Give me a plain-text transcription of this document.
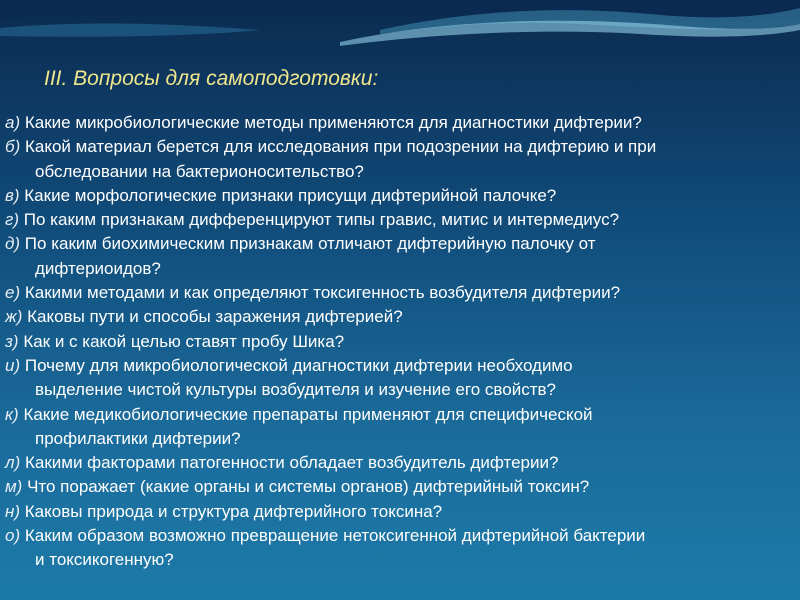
III. Вопросы для самоподготовки:
а) Какие микробиологические методы применяются для диагностики дифтерии?
б) Какой материал берется для исследования при подозрении на дифтерию и при
обследовании на бактерионосительство?
в) Какие морфологические признаки присущи дифтерийной палочке?
г) По каким признакам дифференцируют типы гравис, митис и интермедиус?
д) По каким биохимическим признакам отличают дифтерийную палочку от
дифтериоидов?
е) Какими методами и как определяют токсигенность возбудителя дифтерии?
ж) Каковы пути и способы заражения дифтерией?
з) Как и с какой целью ставят пробу Шика?
и) Почему для микробиологической диагностики дифтерии необходимо
выделение чистой культуры возбудителя и изучение его свойств?
к) Какие медикобиологические препараты применяют для специфической
профилактики дифтерии?
л) Какими факторами патогенности обладает возбудитель дифтерии?
м) Что поражает (какие органы и системы органов) дифтерийный токсин?
н) Каковы природа и структура дифтерийного токсина?
о) Каким образом возможно превращение нетоксигенной дифтерийной бактерии
и токсикогенную?
